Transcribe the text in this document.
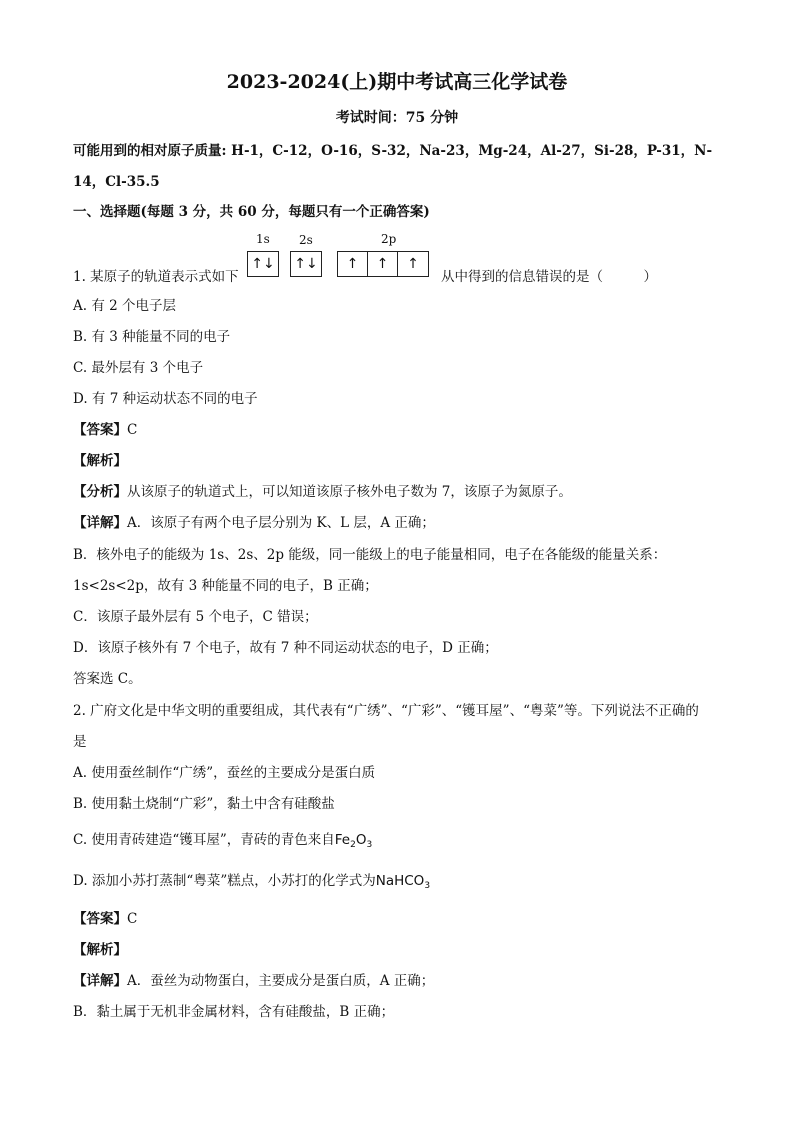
2023-2024(上)期中考试高三化学试卷
考试时间：75 分钟
可能用到的相对原子质量: H-1，C-12，O-16，S-32，Na-23，Mg-24，Al-27，Si-28，P-31，N-
14，Cl-35.5
一、选择题(每题 3 分，共 60 分，每题只有一个正确答案)
1s 2s	2p
↑↓ ↑↓	↑	↑	↑
1. 某原子的轨道表示式如下	从中得到的信息错误的是（　　　）
A. 有 2 个电子层
B. 有 3 种能量不同的电子
C. 最外层有 3 个电子
D. 有 7 种运动状态不同的电子
【答案】C
【解析】
【分析】从该原子的轨道式上，可以知道该原子核外电子数为 7，该原子为氮原子。
【详解】A．该原子有两个电子层分别为 K、L 层，A 正确；
B．核外电子的能级为 1s、2s、2p 能级，同一能级上的电子能量相同，电子在各能级的能量关系：
1s<2s<2p，故有 3 种能量不同的电子，B 正确；
C．该原子最外层有 5 个电子，C 错误；
D．该原子核外有 7 个电子，故有 7 种不同运动状态的电子，D 正确；
答案选 C。
2. 广府文化是中华文明的重要组成，其代表有“广绣”、“广彩”、“镬耳屋”、“粤菜”等。下列说法不正确的
是
A. 使用蚕丝制作“广绣”，蚕丝的主要成分是蛋白质
B. 使用黏土烧制“广彩”，黏土中含有硅酸盐
C. 使用青砖建造“镬耳屋”，青砖的青色来自$Fe_2O_3$
D. 添加小苏打蒸制“粤菜”糕点，小苏打的化学式为NaHCO$_3$
【答案】C
【解析】
【详解】A．蚕丝为动物蛋白，主要成分是蛋白质，A 正确；
B．黏土属于无机非金属材料，含有硅酸盐，B 正确；
